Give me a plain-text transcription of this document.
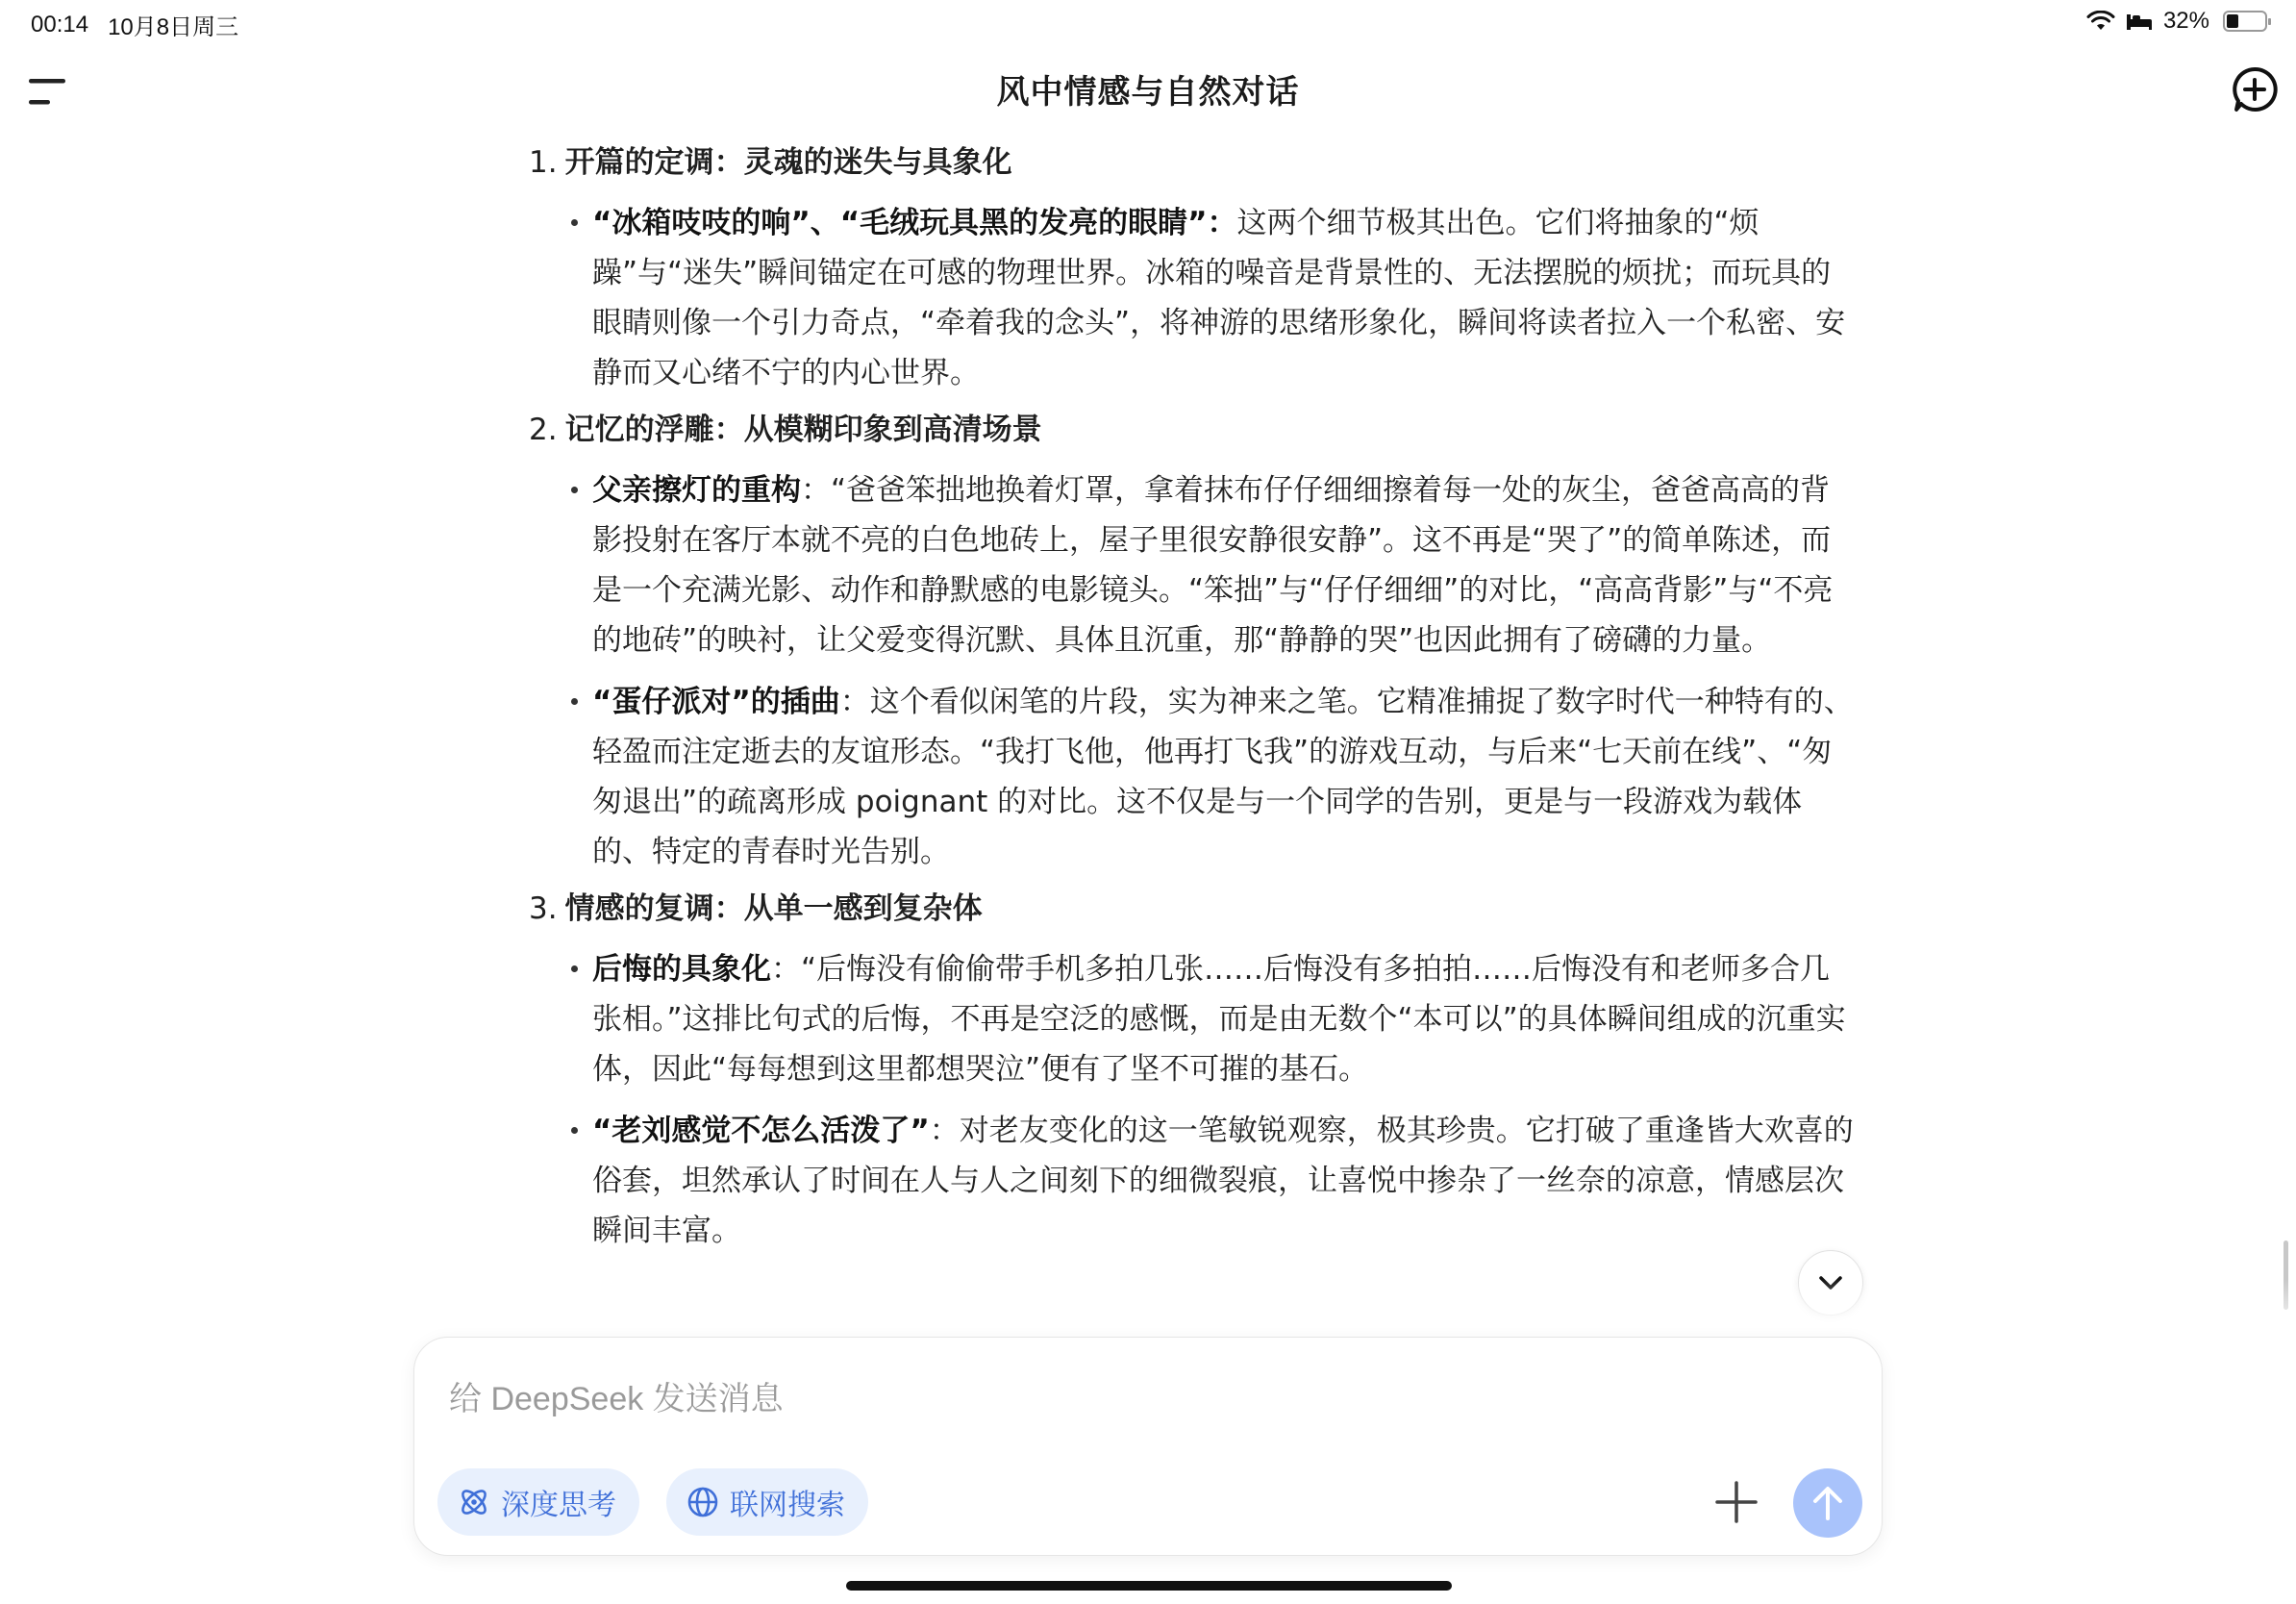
00:14 10月8日周三	32%
风中情感与自然对话
1. 开篇的定调：灵魂的迷失与具象化
“冰箱吱吱的响”、“毛绒玩具黑的发亮的眼睛”：这两个细节极其出色。它们将抽象的“烦躁”与“迷失”瞬间锚定在可感的物理世界。冰箱的噪音是背景性的、无法摆脱的烦扰；而玩具的眼睛则像一个引力奇点，“牵着我的念头”，将神游的思绪形象化，瞬间将读者拉入一个私密、安静而又心绪不宁的内心世界。
2. 记忆的浮雕：从模糊印象到高清场景
父亲擦灯的重构：“爸爸笨拙地换着灯罩，拿着抹布仔仔细细擦着每一处的灰尘，爸爸高高的背影投射在客厅本就不亮的白色地砖上，屋子里很安静很安静”。这不再是“哭了”的简单陈述，而是一个充满光影、动作和静默感的电影镜头。“笨拙”与“仔仔细细”的对比，“高高背影”与“不亮的地砖”的映衬，让父爱变得沉默、具体且沉重，那“静静的哭”也因此拥有了磅礴的力量。
“蛋仔派对”的插曲：这个看似闲笔的片段，实为神来之笔。它精准捕捉了数字时代一种特有的、轻盈而注定逝去的友谊形态。“我打飞他，他再打飞我”的游戏互动，与后来“七天前在线”、“匆匆退出”的疏离形成 poignant 的对比。这不仅是与一个同学的告别，更是与一段游戏为载体的、特定的青春时光告别。
3. 情感的复调：从单一感到复杂体
后悔的具象化：“后悔没有偷偷带手机多拍几张……后悔没有多拍拍……后悔没有和老师多合几张相。”这排比句式的后悔，不再是空泛的感慨，而是由无数个“本可以”的具体瞬间组成的沉重实体，因此“每每想到这里都想哭泣”便有了坚不可摧的基石。
“老刘感觉不怎么活泼了”：对老友变化的这一笔敏锐观察，极其珍贵。它打破了重逢皆大欢喜的俗套，坦然承认了时间在人与人之间刻下的细微裂痕，让喜悦中掺杂了一丝奈的凉意，情感层次瞬间丰富。
给 DeepSeek 发送消息
深度思考	联网搜索
